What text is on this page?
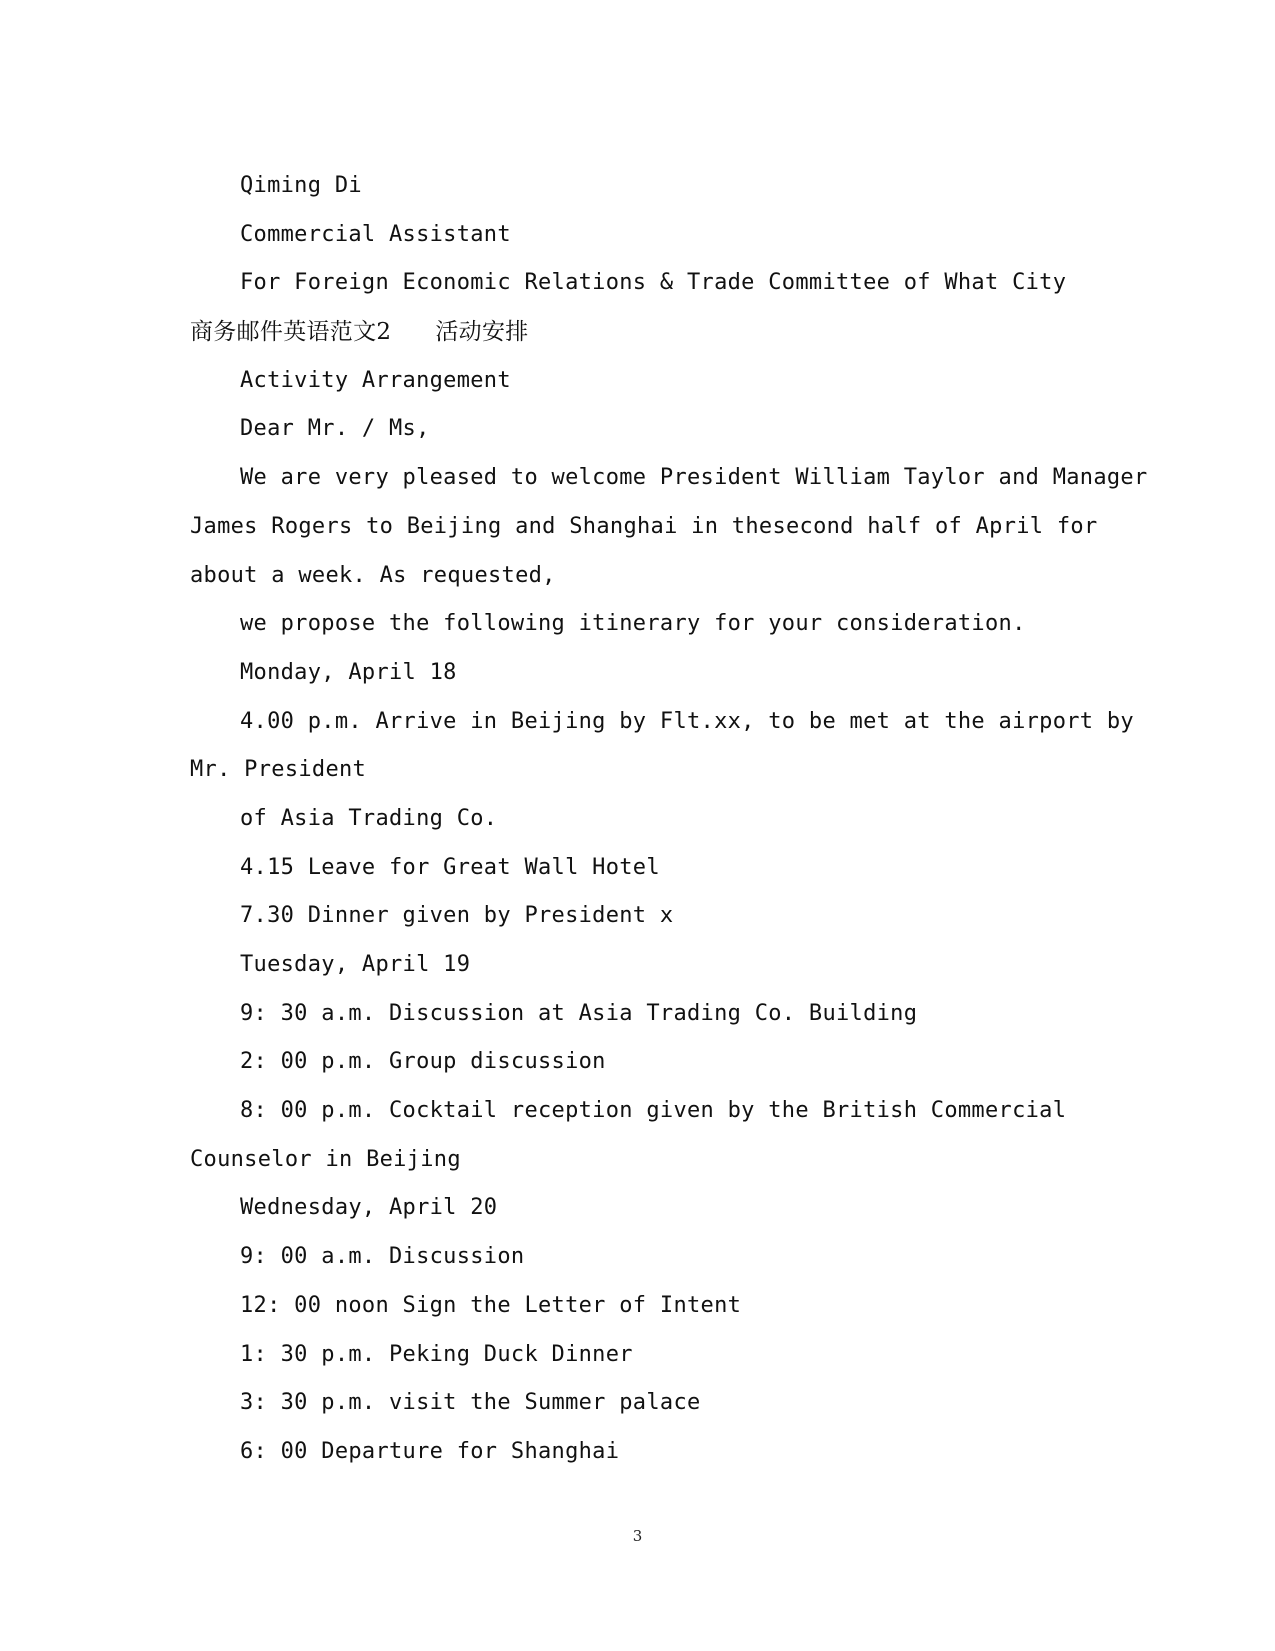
Qiming Di
Commercial Assistant
For Foreign Economic Relations & Trade Committee of What City
商务邮件英语范文2 活动安排
Activity Arrangement
Dear Mr. / Ms,
We are very pleased to welcome President William Taylor and Manager
James Rogers to Beijing and Shanghai in thesecond half of April for
about a week. As requested,
we propose the following itinerary for your consideration.
Monday, April 18
4.00 p.m. Arrive in Beijing by Flt.xx, to be met at the airport by
Mr. President
of Asia Trading Co.
4.15 Leave for Great Wall Hotel
7.30 Dinner given by President x
Tuesday, April 19
9: 30 a.m. Discussion at Asia Trading Co. Building
2: 00 p.m. Group discussion
8: 00 p.m. Cocktail reception given by the British Commercial
Counselor in Beijing
Wednesday, April 20
9: 00 a.m. Discussion
12: 00 noon Sign the Letter of Intent
1: 30 p.m. Peking Duck Dinner
3: 30 p.m. visit the Summer palace
6: 00 Departure for Shanghai
3
